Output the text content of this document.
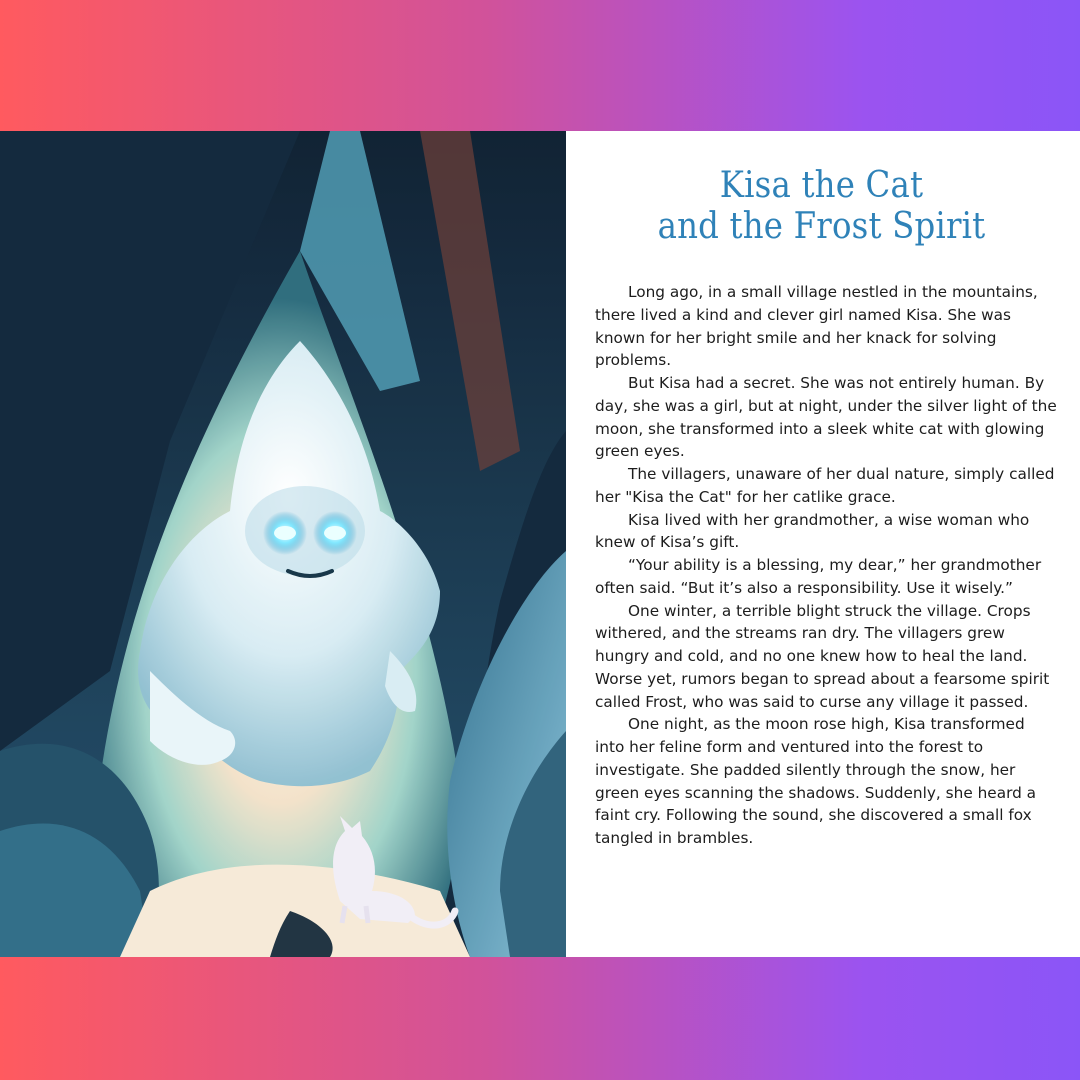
Kisa the Cat
and the Frost Spirit

Long ago, in a small village nestled in the mountains, there lived a kind and clever girl named Kisa. She was known for her bright smile and her knack for solving problems.

But Kisa had a secret. She was not entirely human. By day, she was a girl, but at night, under the silver light of the moon, she transformed into a sleek white cat with glowing green eyes.

The villagers, unaware of her dual nature, simply called her "Kisa the Cat" for her catlike grace.

Kisa lived with her grandmother, a wise woman who knew of Kisa’s gift.

“Your ability is a blessing, my dear,” her grandmother often said. “But it’s also a responsibility. Use it wisely.”

One winter, a terrible blight struck the village. Crops withered, and the streams ran dry. The villagers grew hungry and cold, and no one knew how to heal the land. Worse yet, rumors began to spread about a fearsome spirit called Frost, who was said to curse any village it passed.

One night, as the moon rose high, Kisa transformed into her feline form and ventured into the forest to investigate. She padded silently through the snow, her green eyes scanning the shadows. Suddenly, she heard a faint cry. Following the sound, she discovered a small fox tangled in brambles.
